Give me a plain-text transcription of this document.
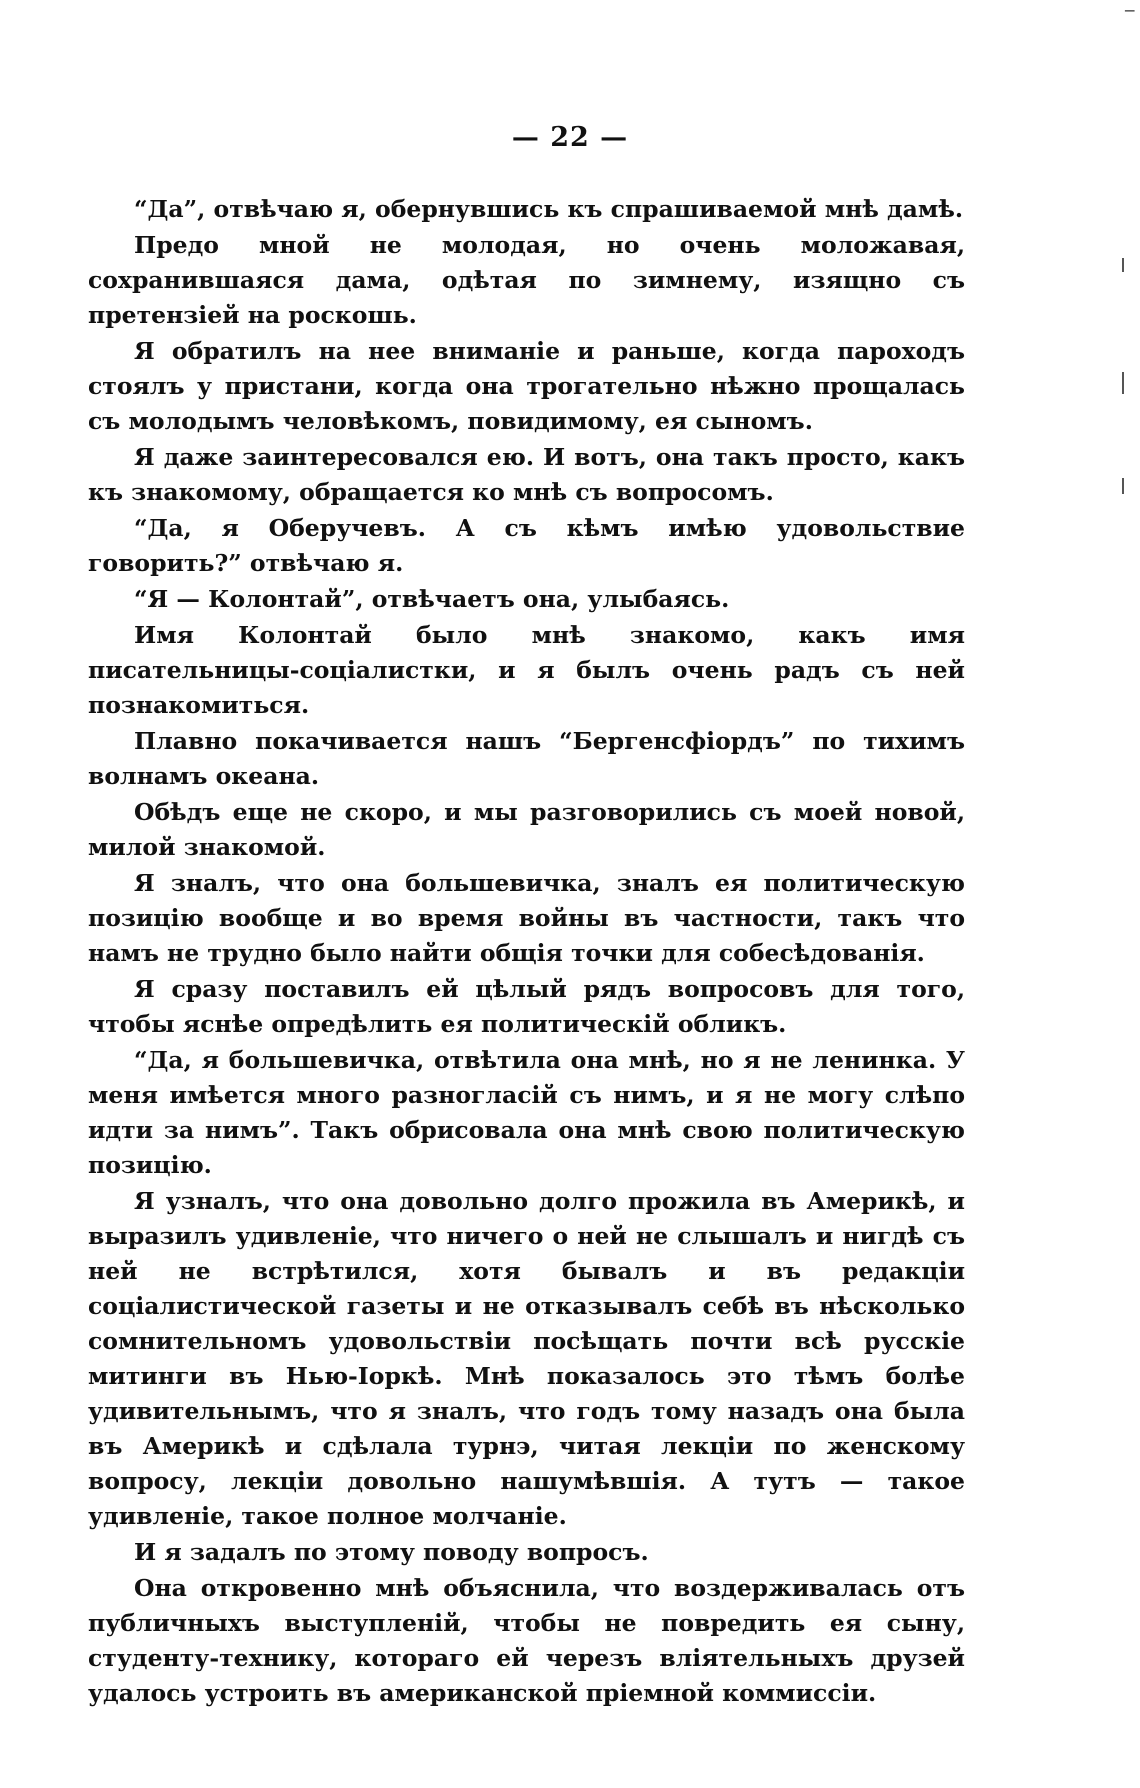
‒
— 22 —

“Да”, отвѣчаю я, обернувшись къ спрашиваемой мнѣ дамѣ.

Предо мной не молодая, но очень моложавая, сохранившаяся дама, одѣтая по зимнему, изящно съ претензiей на роскошь.

Я обратилъ на нее вниманiе и раньше, когда пароходъ стоялъ у пристани, когда она трогательно нѣжно прощалась съ молодымъ человѣкомъ, повидимому, ея сыномъ.

Я даже заинтересовался ею. И вотъ, она такъ просто, какъ къ знакомому, обращается ко мнѣ съ вопросомъ.

“Да, я Оберучевъ. А съ кѣмъ имѣю удовольствие говорить?” отвѣчаю я.

“Я — Колонтай”, отвѣчаетъ она, улыбаясь.

Имя Колонтай было мнѣ знакомо, какъ имя писательницы-соцiалистки, и я былъ очень радъ съ ней познакомиться.

Плавно покачивается нашъ “Бергенсфiордъ” по тихимъ волнамъ океана.

Обѣдъ еще не скоро, и мы разговорились съ моей новой, милой знакомой.

Я зналъ, что она большевичка, зналъ ея политическую позицiю вообще и во время войны въ частности, такъ что намъ не трудно было найти общiя точки для собесѣдованiя.

Я сразу поставилъ ей цѣлый рядъ вопросовъ для того, чтобы яснѣе опредѣлить ея политическiй обликъ.

“Да, я большевичка, отвѣтила она мнѣ, но я не ленинка. У меня имѣется много разногласiй съ нимъ, и я не могу слѣпо идти за нимъ”. Такъ обрисовала она мнѣ свою политическую позицiю.

Я узналъ, что она довольно долго прожила въ Америкѣ, и выразилъ удивленiе, что ничего о ней не слышалъ и нигдѣ съ ней не встрѣтился, хотя бывалъ и въ редакцiи соцiалистической газеты и не отказывалъ себѣ въ нѣсколько сомнительномъ удовольствiи посѣщать почти всѣ русскiе митинги въ Нью-Iоркѣ. Мнѣ показалось это тѣмъ болѣе удивительнымъ, что я зналъ, что годъ тому назадъ она была въ Америкѣ и сдѣлала турнэ, читая лекцiи по женскому вопросу, лекцiи довольно нашумѣвшiя. А тутъ — такое удивленiе, такое полное молчанiе.

И я задалъ по этому поводу вопросъ.

Она откровенно мнѣ объяснила, что воздерживалась отъ публичныхъ выступленiй, чтобы не повредить ея сыну, студенту-технику, котораго ей черезъ влiятельныхъ друзей удалось устроить въ американской прiемной коммиссiи.
